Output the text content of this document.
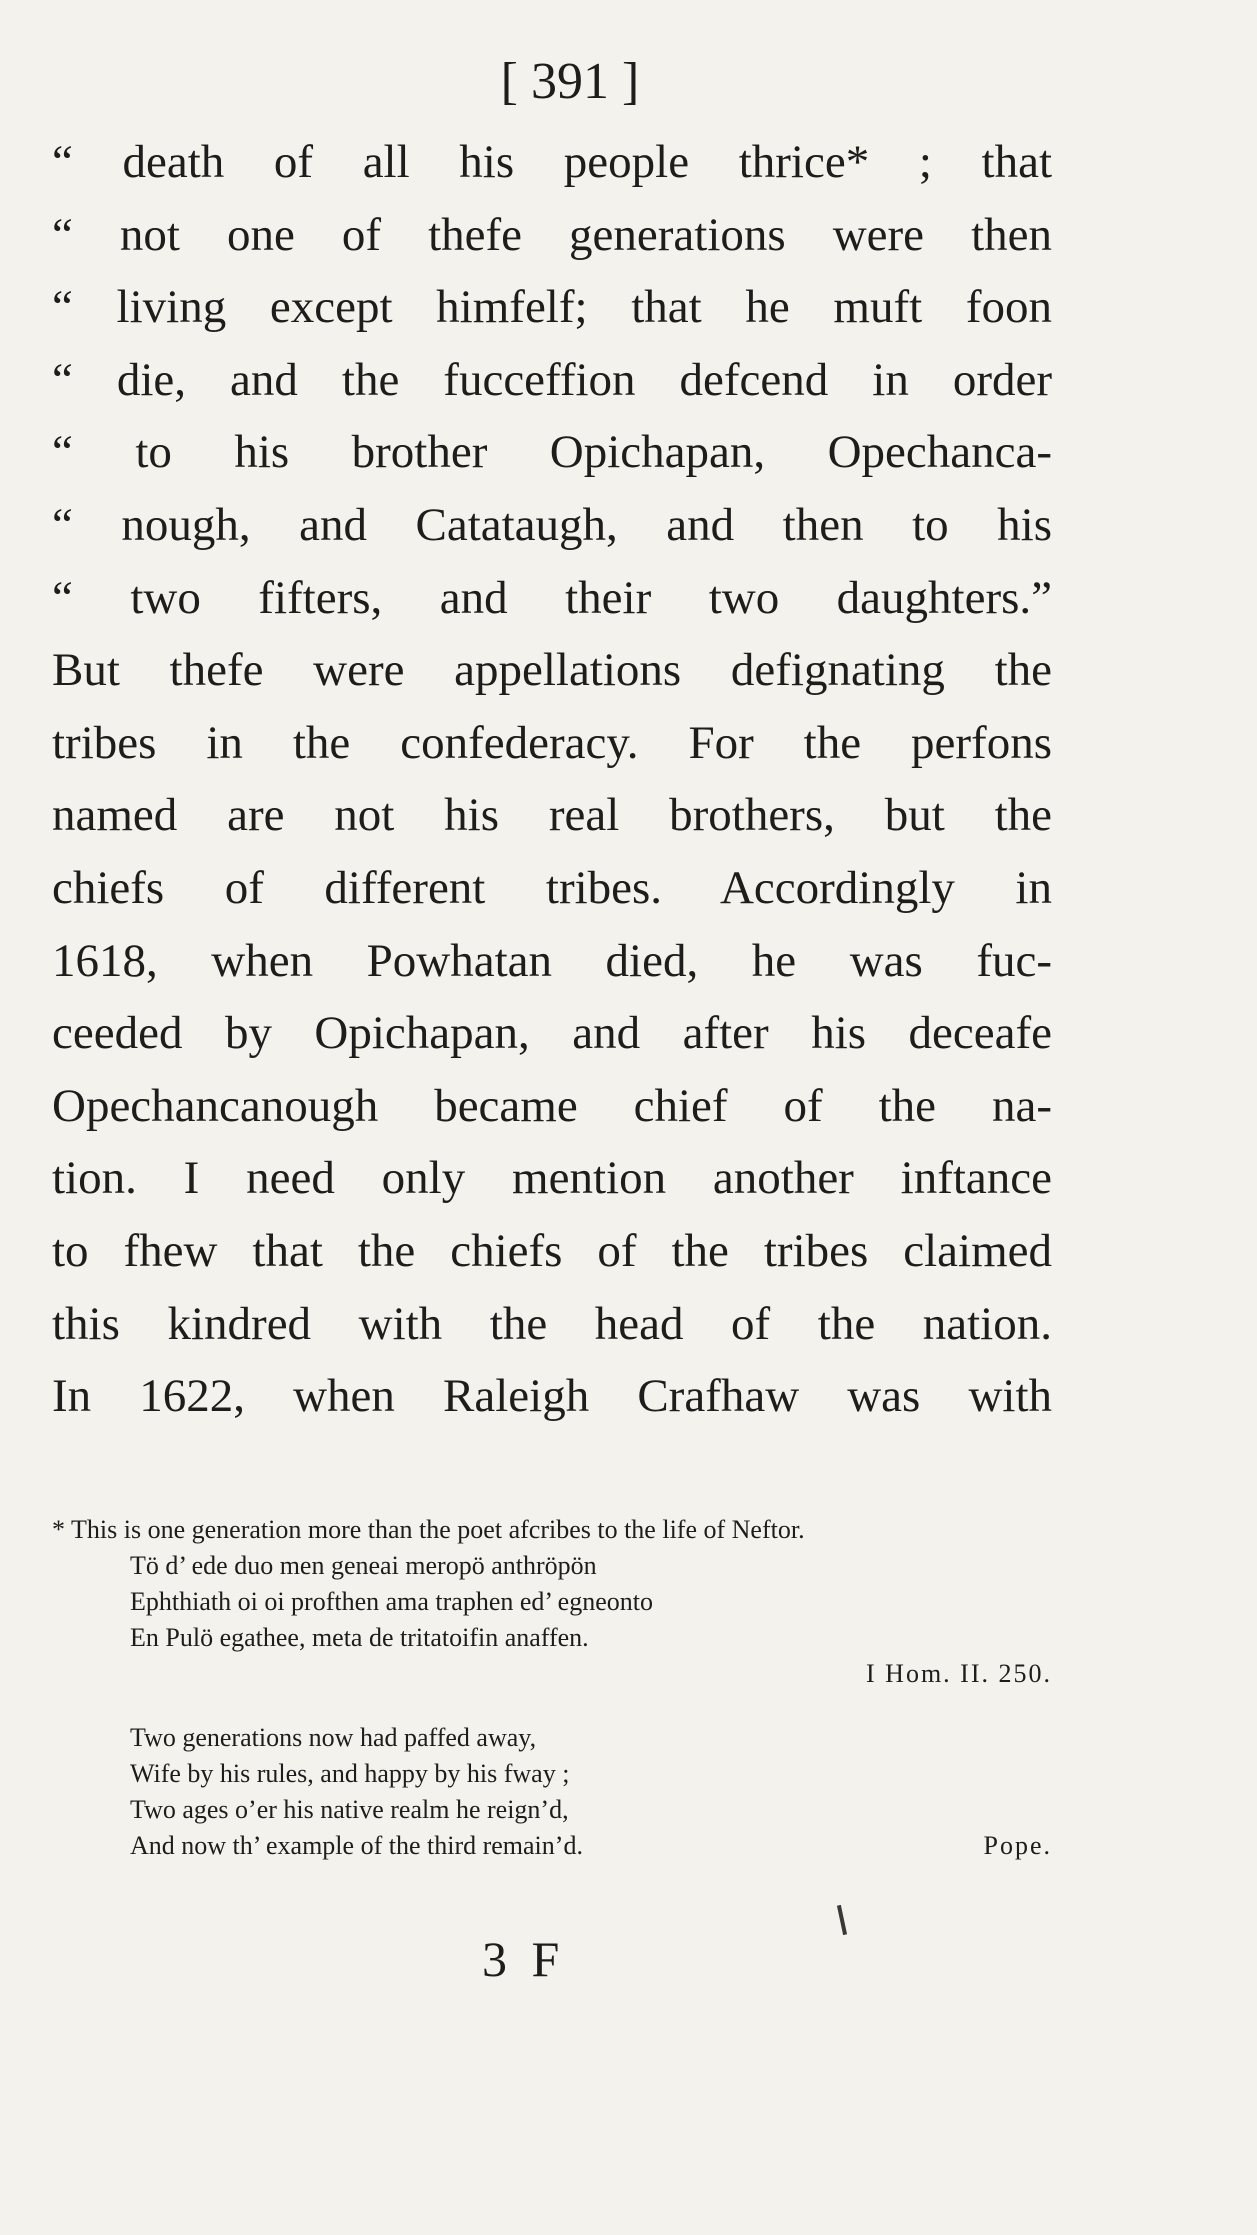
[ 391 ]
“ death of all his people thrice* ; that
“ not one of thefe generations were then
“ living except himfelf; that he muft foon
“ die, and the fucceffion defcend in order
“ to his brother Opichapan, Opechanca-
“ nough, and Catataugh, and then to his
“ two fifters, and their two daughters.”
But thefe were appellations defignating the
tribes in the confederacy. For the perfons
named are not his real brothers, but the
chiefs of different tribes. Accordingly in
1618, when Powhatan died, he was fuc-
ceeded by Opichapan, and after his deceafe
Opechancanough became chief of the na-
tion. I need only mention another inftance
to fhew that the chiefs of the tribes claimed
this kindred with the head of the nation.
In 1622, when Raleigh Crafhaw was with
* This is one generation more than the poet afcribes to the life of Neftor.
Tö d’ ede duo men geneai meropö anthröpön
Ephthiath oi oi profthen ama traphen ed’ egneonto
En Pulö egathee, meta de tritatoifin anaffen.
I Hom. II. 250.
Two generations now had paffed away,
Wife by his rules, and happy by his fway ;
Two ages o’er his native realm he reign’d,
And now th’ example of the third remain’d.	Pope.
3 F
